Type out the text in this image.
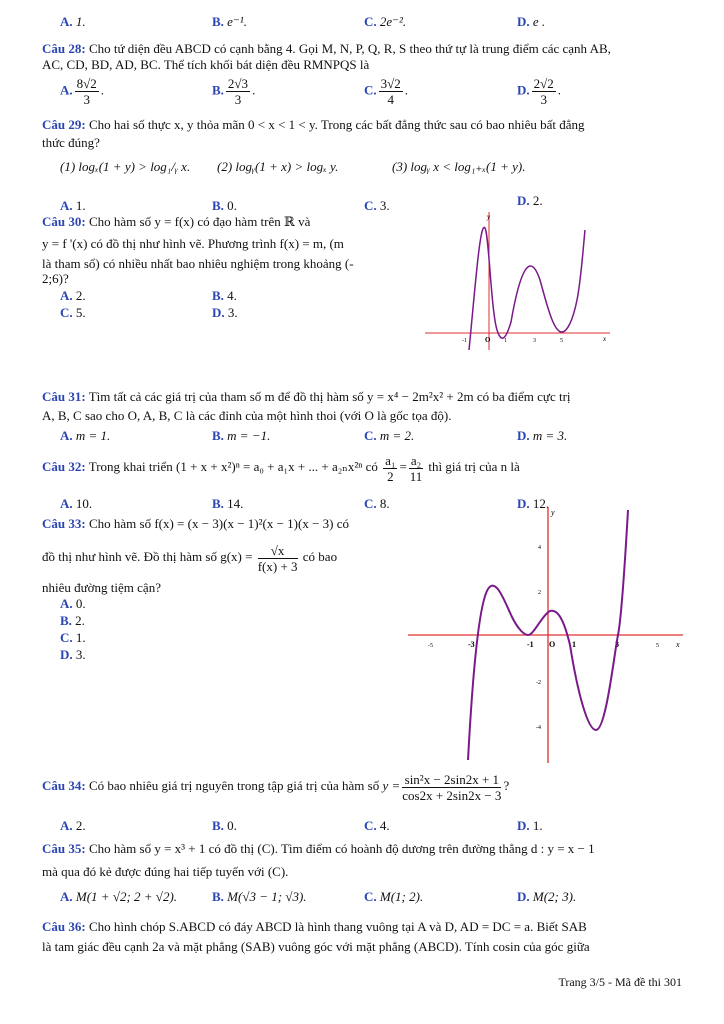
A. 1.	B. e⁻¹.	C. 2e⁻².	D. e .
Câu 28: Cho tứ diện đều ABCD có cạnh bằng 4. Gọi M, N, P, Q, R, S theo thứ tự là trung điểm các cạnh AB,
AC, CD, BD, AD, BC. Thể tích khối bát diện đều RMNPQS là
A. $\frac{8√2}{3}$ .	B. $\frac{2√3}{3}$ .	C. $\frac{3√2}{4}$ .	D. $\frac{2√2}{3}$ .
Câu 29: Cho hai số thực x, y thỏa mãn 0 < x < 1 < y. Trong các bất đẳng thức sau có bao nhiêu bất đẳng
thức đúng?
(1) logₓ(1 + y) > log₁/ᵧ x. (2) logᵧ(1 + x) > logₓ y.	(3) logᵧ x < log₁₊ₓ(1 + y).
A. 1.	B. 0.	C. 3.	D. 2.
Câu 30: Cho hàm số y = f(x) có đạo hàm trên ℝ và
y = f '(x) có đồ thị như hình vẽ. Phương trình f(x) = m, (m
là tham số) có nhiều nhất bao nhiêu nghiệm trong khoảng (-
2;6)?
A. 2.	B. 4.
C. 5.	D. 3.
y
x
-1	O 1	3	5
Câu 31: Tìm tất cả các giá trị của tham số m để đồ thị hàm số y = x⁴ − 2m²x² + 2m có ba điểm cực trị
A, B, C sao cho O, A, B, C là các đỉnh của một hình thoi (với O là gốc tọa độ).
A. m = 1.	B. m = −1.	C. m = 2.	D. m = 3.
Câu 32: Trong khai triển (1 + x + x²)ⁿ = a₀ + a₁x + ... + a₂ₙx²ⁿ có $\frac{\text{a₁}}{2} = \frac{\text{a₂}}{11}$ thì giá trị của n là
A. 10.	B. 14.	C. 8.	D. 12.
Câu 33: Cho hàm số f(x) = (x − 3)(x − 1)²(x − 1)(x − 3) có
đồ thị như hình vẽ. Đồ thị hàm số $g(x) = \frac{√x}{f(x) + 3}$ có bao
nhiêu đường tiệm cận?
A. 0.
B. 2.
C. 1.
D. 3.
y
x
-5	-3	-1 O 1	3	5
4
2
-2
-4
Câu 34: Có bao nhiêu giá trị nguyên trong tập giá trị của hàm số $y = \frac{\text{sin²x − 2sin2x + 1}}{\cos 2x + 2\sin 2x - 3}$ ?
A. 2.	B. 0.	C. 4.	D. 1.
Câu 35: Cho hàm số y = x³ + 1 có đồ thị (C). Tìm điểm có hoành độ dương trên đường thẳng d : y = x − 1
mà qua đó kẻ được đúng hai tiếp tuyến với (C).
A. M(1 + √2; 2 + √2).	B. M(√3 − 1; √3).	C. M(1; 2).	D. M(2; 3).
Câu 36: Cho hình chóp S.ABCD có đáy ABCD là hình thang vuông tại A và D, AD = DC = a. Biết SAB
là tam giác đều cạnh 2a và mặt phẳng (SAB) vuông góc với mặt phẳng (ABCD). Tính cosin của góc giữa
Trang 3/5 - Mã đề thi 301
